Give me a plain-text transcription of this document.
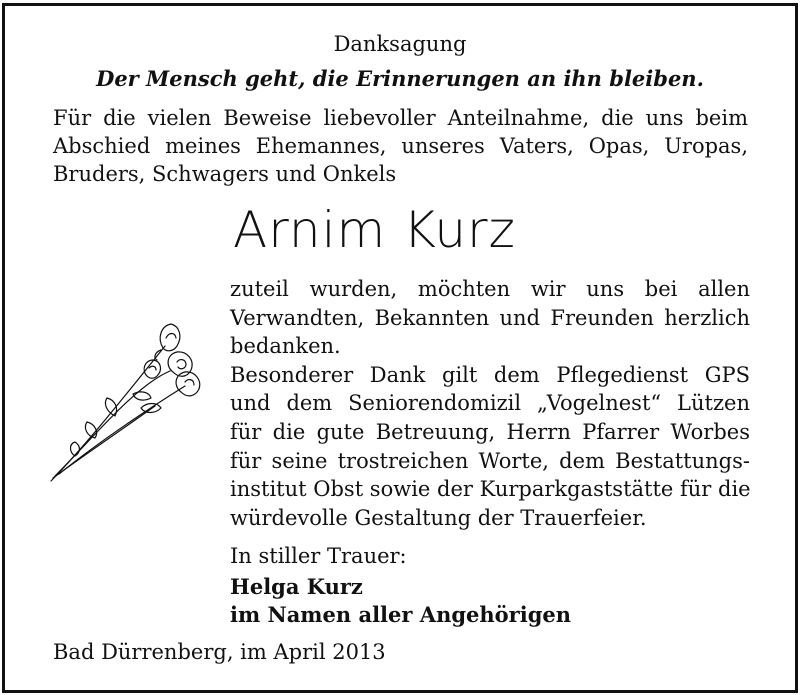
Danksagung

Der Mensch geht, die Erinnerungen an ihn bleiben.

Für die vielen Beweise liebevoller Anteilnahme, die uns beim
Abschied meines Ehemannes, unseres Vaters, Opas, Uropas,
Bruders, Schwagers und Onkels

Arnim Kurz

zuteil wurden, möchten wir uns bei allen
Verwandten, Bekannten und Freunden herzlich
bedanken.
Besonderer Dank gilt dem Pflegedienst GPS
und dem Seniorendomizil „Vogelnest“ Lützen
für die gute Betreuung, Herrn Pfarrer Worbes
für seine trostreichen Worte, dem Bestattungs-
institut Obst sowie der Kurparkgaststätte für die
würdevolle Gestaltung der Trauerfeier.

In stiller Trauer:

Helga Kurz
im Namen aller Angehörigen

Bad Dürrenberg, im April 2013
